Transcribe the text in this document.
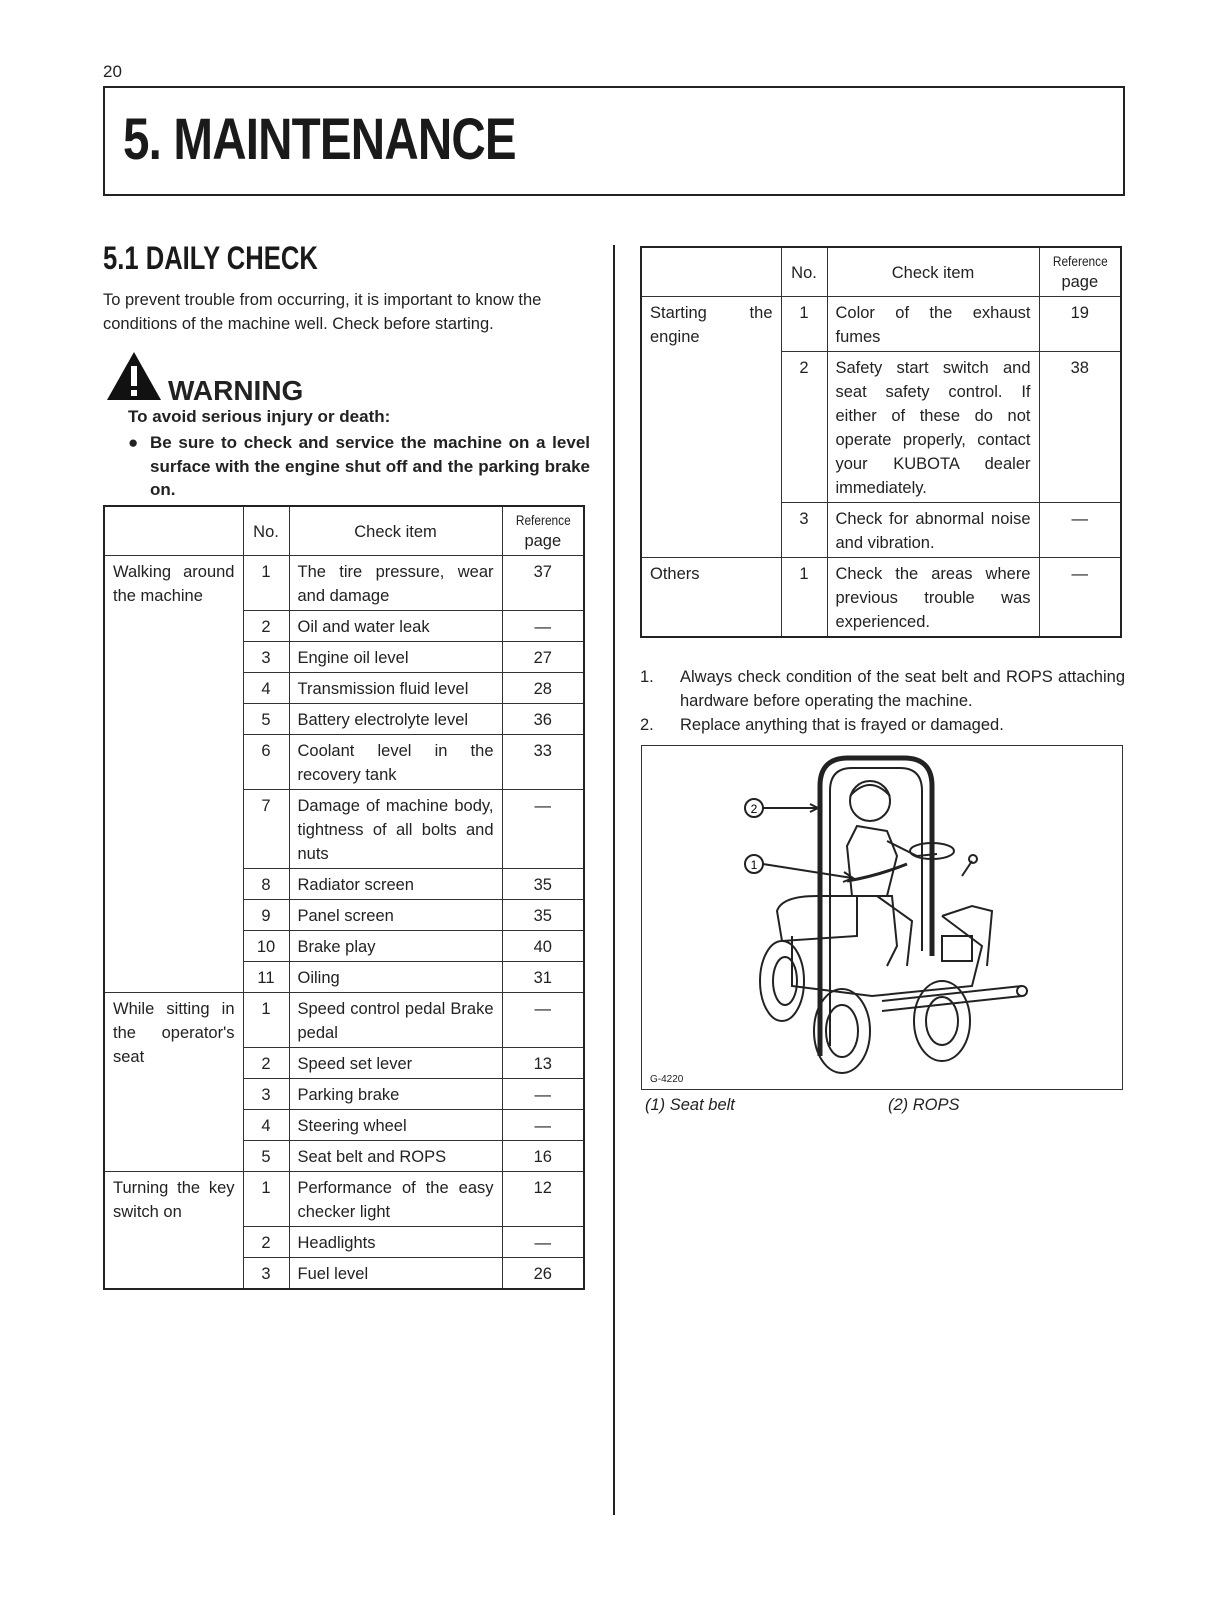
20
5. MAINTENANCE
5.1 DAILY CHECK
To prevent trouble from occurring, it is important to know the conditions of the machine well. Check before starting.
WARNING
To avoid serious injury or death:
● Be sure to check and service the machine on a level surface with the engine shut off and the parking brake on.
	No.	Check item	Reference
page

Walking around the machine	1	The tire pressure, wear and damage	37
	2	Oil and water leak	—
	3	Engine oil level	27
	4	Transmission fluid level	28
	5	Battery electrolyte level	36
	6	Coolant level in the recovery tank	33
	7	Damage of machine body, tightness of all bolts and nuts	—
	8	Radiator screen	35
	9	Panel screen	35
	10	Brake play	40
	11	Oiling	31
While sitting in the operator's seat	1	Speed control pedal Brake pedal	—
	2	Speed set lever	13
	3	Parking brake	—
	4	Steering wheel	—
	5	Seat belt and ROPS	16
Turning the key switch on	1	Performance of the easy checker light	12
	2	Headlights	—
	3	Fuel level	26
	No.	Check item	Reference
page

Starting the engine	1	Color of the exhaust fumes	19
	2	Safety start switch and seat safety control. If either of these do not operate properly, contact your KUBOTA dealer immediately.	38
	3	Check for abnormal noise and vibration.	—
Others	1	Check the areas where previous trouble was experienced.	—
1.	Always check condition of the seat belt and ROPS attaching hardware before operating the machine.
2.	Replace anything that is frayed or damaged.
2
1
G-4220
(1) Seat belt	(2) ROPS
